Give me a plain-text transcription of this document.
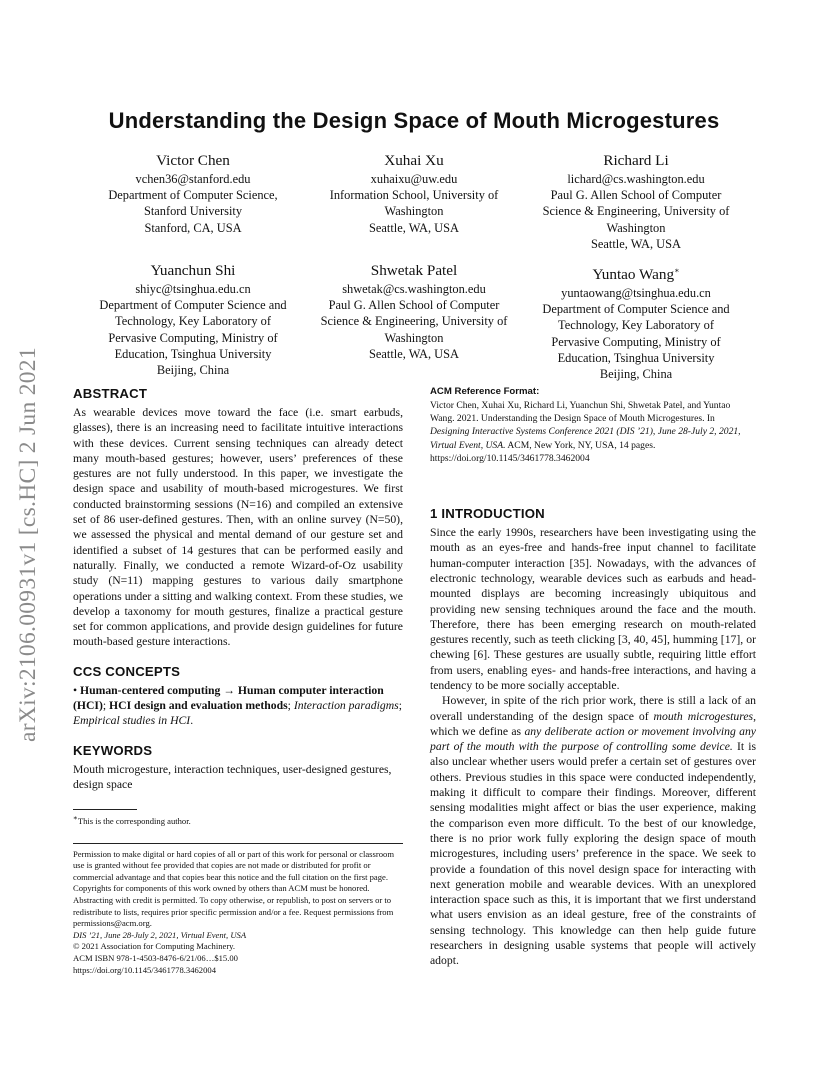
arXiv:2106.00931v1 [cs.HC] 2 Jun 2021
Understanding the Design Space of Mouth Microgestures
Victor Chen
vchen36@stanford.edu
Department of Computer Science,
Stanford University
Stanford, CA, USA
Xuhai Xu
xuhaixu@uw.edu
Information School, University of
Washington
Seattle, WA, USA
Richard Li
lichard@cs.washington.edu
Paul G. Allen School of Computer
Science & Engineering, University of
Washington
Seattle, WA, USA
Yuanchun Shi
shiyc@tsinghua.edu.cn
Department of Computer Science and
Technology, Key Laboratory of
Pervasive Computing, Ministry of
Education, Tsinghua University
Beijing, China
Shwetak Patel
shwetak@cs.washington.edu
Paul G. Allen School of Computer
Science & Engineering, University of
Washington
Seattle, WA, USA
Yuntao Wang∗
yuntaowang@tsinghua.edu.cn
Department of Computer Science and
Technology, Key Laboratory of
Pervasive Computing, Ministry of
Education, Tsinghua University
Beijing, China
ABSTRACT

As wearable devices move toward the face (i.e. smart earbuds, glasses), there is an increasing need to facilitate intuitive interactions with these devices. Current sensing techniques can already detect many mouth-based gestures; however, users’ preferences of these gestures are not fully understood. In this paper, we investigate the design space and usability of mouth-based microgestures. We first conducted brainstorming sessions (N=16) and compiled an extensive set of 86 user-defined gestures. Then, with an online survey (N=50), we assessed the physical and mental demand of our gesture set and identified a subset of 14 gestures that can be performed easily and naturally. Finally, we conducted a remote Wizard-of-Oz usability study (N=11) mapping gestures to various daily smartphone operations under a sitting and walking context. From these studies, we develop a taxonomy for mouth gestures, finalize a practical gesture set for common applications, and provide design guidelines for future mouth-based gesture interactions.

CCS CONCEPTS

• Human-centered computing → Human computer interaction (HCI); HCI design and evaluation methods; Interaction paradigms; Empirical studies in HCI.

KEYWORDS

Mouth microgesture, interaction techniques, user-designed gestures, design space

∗This is the corresponding author.

Permission to make digital or hard copies of all or part of this work for personal or classroom use is granted without fee provided that copies are not made or distributed for profit or commercial advantage and that copies bear this notice and the full citation on the first page. Copyrights for components of this work owned by others than ACM must be honored. Abstracting with credit is permitted. To copy otherwise, or republish, to post on servers or to redistribute to lists, requires prior specific permission and/or a fee. Request permissions from permissions@acm.org.

DIS ’21, June 28-July 2, 2021, Virtual Event, USA

© 2021 Association for Computing Machinery.

ACM ISBN 978-1-4503-8476-6/21/06…$15.00

https://doi.org/10.1145/3461778.3462004

ACM Reference Format:

Victor Chen, Xuhai Xu, Richard Li, Yuanchun Shi, Shwetak Patel, and Yuntao Wang. 2021. Understanding the Design Space of Mouth Microgestures. In Designing Interactive Systems Conference 2021 (DIS ’21), June 28-July 2, 2021, Virtual Event, USA. ACM, New York, NY, USA, 14 pages. https://doi.org/10.1145/3461778.3462004

1 INTRODUCTION

Since the early 1990s, researchers have been investigating using the mouth as an eyes-free and hands-free input channel to facilitate human-computer interaction [35]. Nowadays, with the advances of electronic technology, wearable devices such as earbuds and head-mounted displays are becoming increasingly ubiquitous and providing new sensing techniques around the face and the mouth. Therefore, there has been emerging research on mouth-related gestures recently, such as teeth clicking [3, 40, 45], humming [17], or chewing [6]. These gestures are usually subtle, requiring little effort from users, enabling eyes- and hands-free interactions, and having a tendency to be more socially acceptable.

However, in spite of the rich prior work, there is still a lack of an overall understanding of the design space of mouth microgestures, which we define as any deliberate action or movement involving any part of the mouth with the purpose of controlling some device. It is also unclear whether users would prefer a certain set of gestures over others. Previous studies in this space were conducted independently, making it difficult to compare their findings. Moreover, different sensing modalities might affect or bias the user experience, making the comparison even more difficult. To the best of our knowledge, there is no prior work fully exploring the design space of mouth microgestures, including users’ preference in the space. We seek to provide a foundation of this novel design space for interacting with next generation mobile and wearable devices. With an unexplored interaction space such as this, it is important that we first understand what users envision as an ideal gesture, free of the constraints of sensing technology. This knowledge can then help guide future researchers in designing usable systems that people will actively adopt.
